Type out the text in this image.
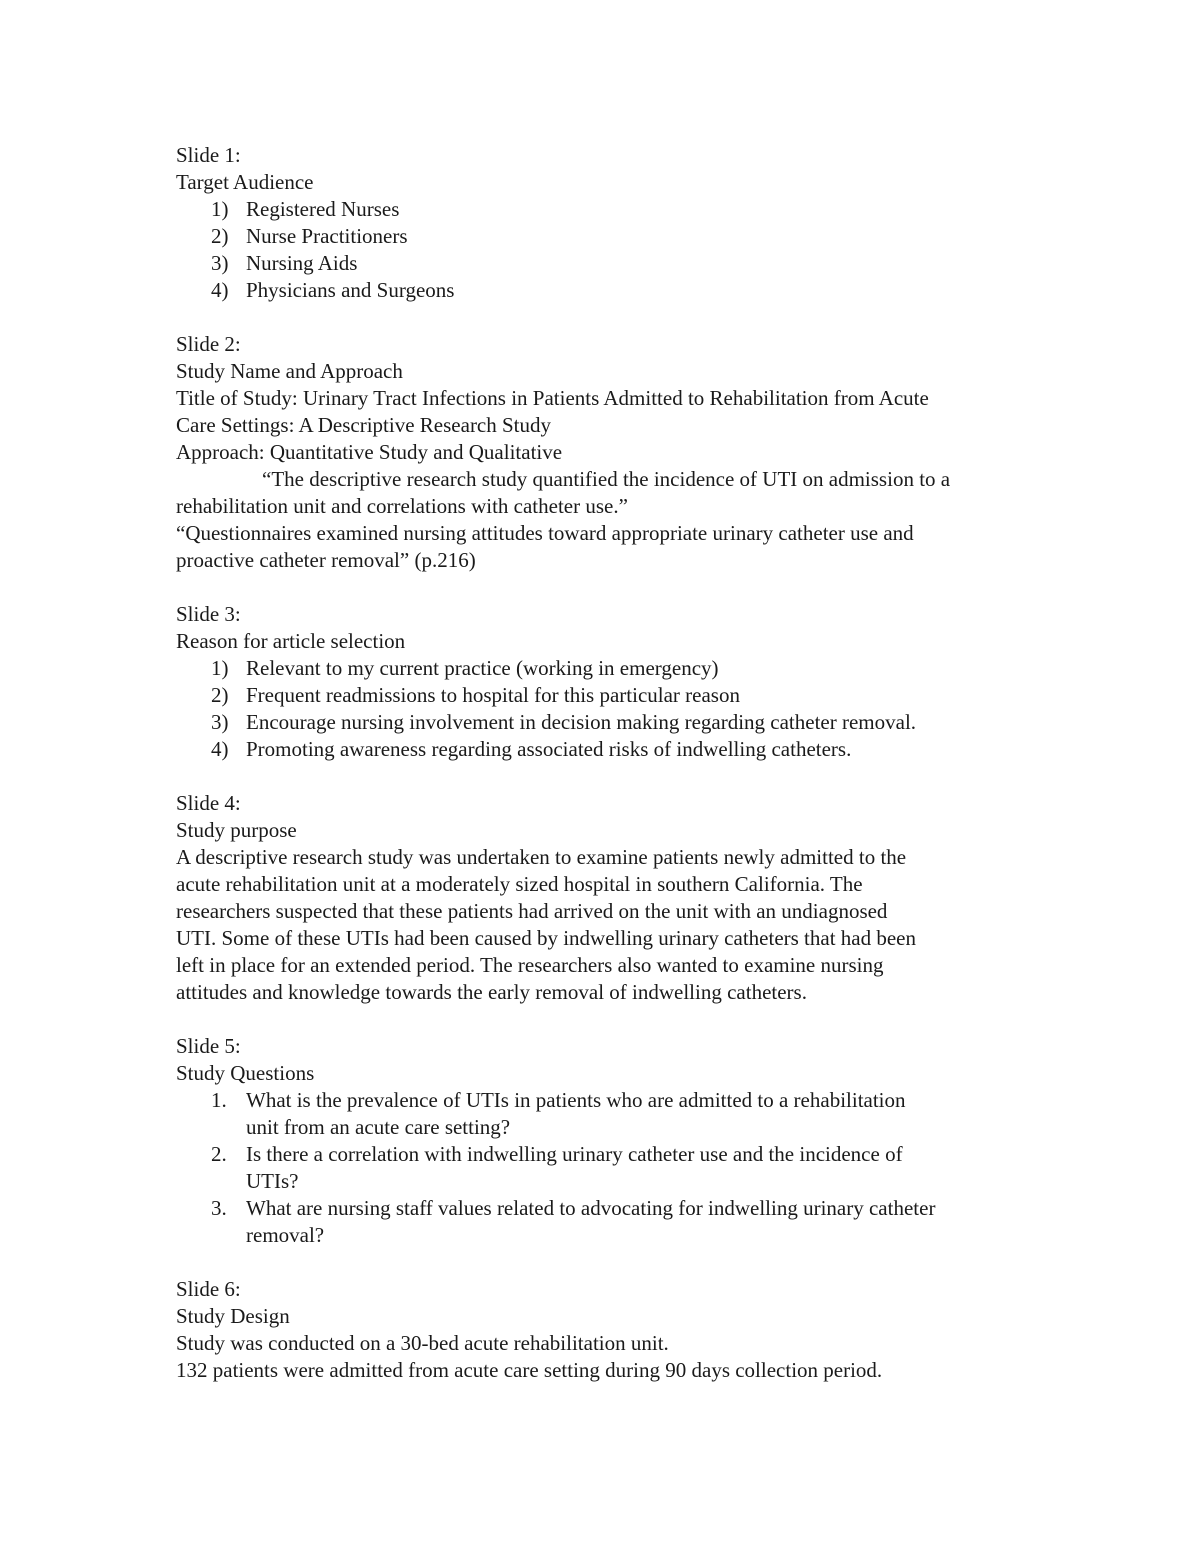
Slide 1:
Target Audience
1) Registered Nurses
2) Nurse Practitioners
3) Nursing Aids
4) Physicians and Surgeons
Slide 2:
Study Name and Approach
Title of Study: Urinary Tract Infections in Patients Admitted to Rehabilitation from Acute
Care Settings: A Descriptive Research Study
Approach: Quantitative Study and Qualitative
“The descriptive research study quantified the incidence of UTI on admission to a
rehabilitation unit and correlations with catheter use.”
“Questionnaires examined nursing attitudes toward appropriate urinary catheter use and
proactive catheter removal” (p.216)
Slide 3:
Reason for article selection
1) Relevant to my current practice (working in emergency)
2) Frequent readmissions to hospital for this particular reason
3) Encourage nursing involvement in decision making regarding catheter removal.
4) Promoting awareness regarding associated risks of indwelling catheters.
Slide 4:
Study purpose
A descriptive research study was undertaken to examine patients newly admitted to the
acute rehabilitation unit at a moderately sized hospital in southern California. The
researchers suspected that these patients had arrived on the unit with an undiagnosed
UTI. Some of these UTIs had been caused by indwelling urinary catheters that had been
left in place for an extended period. The researchers also wanted to examine nursing
attitudes and knowledge towards the early removal of indwelling catheters.
Slide 5:
Study Questions
1. What is the prevalence of UTIs in patients who are admitted to a rehabilitation
unit from an acute care setting?
2. Is there a correlation with indwelling urinary catheter use and the incidence of
UTIs?
3. What are nursing staff values related to advocating for indwelling urinary catheter
removal?
Slide 6:
Study Design
Study was conducted on a 30-bed acute rehabilitation unit.
132 patients were admitted from acute care setting during 90 days collection period.
